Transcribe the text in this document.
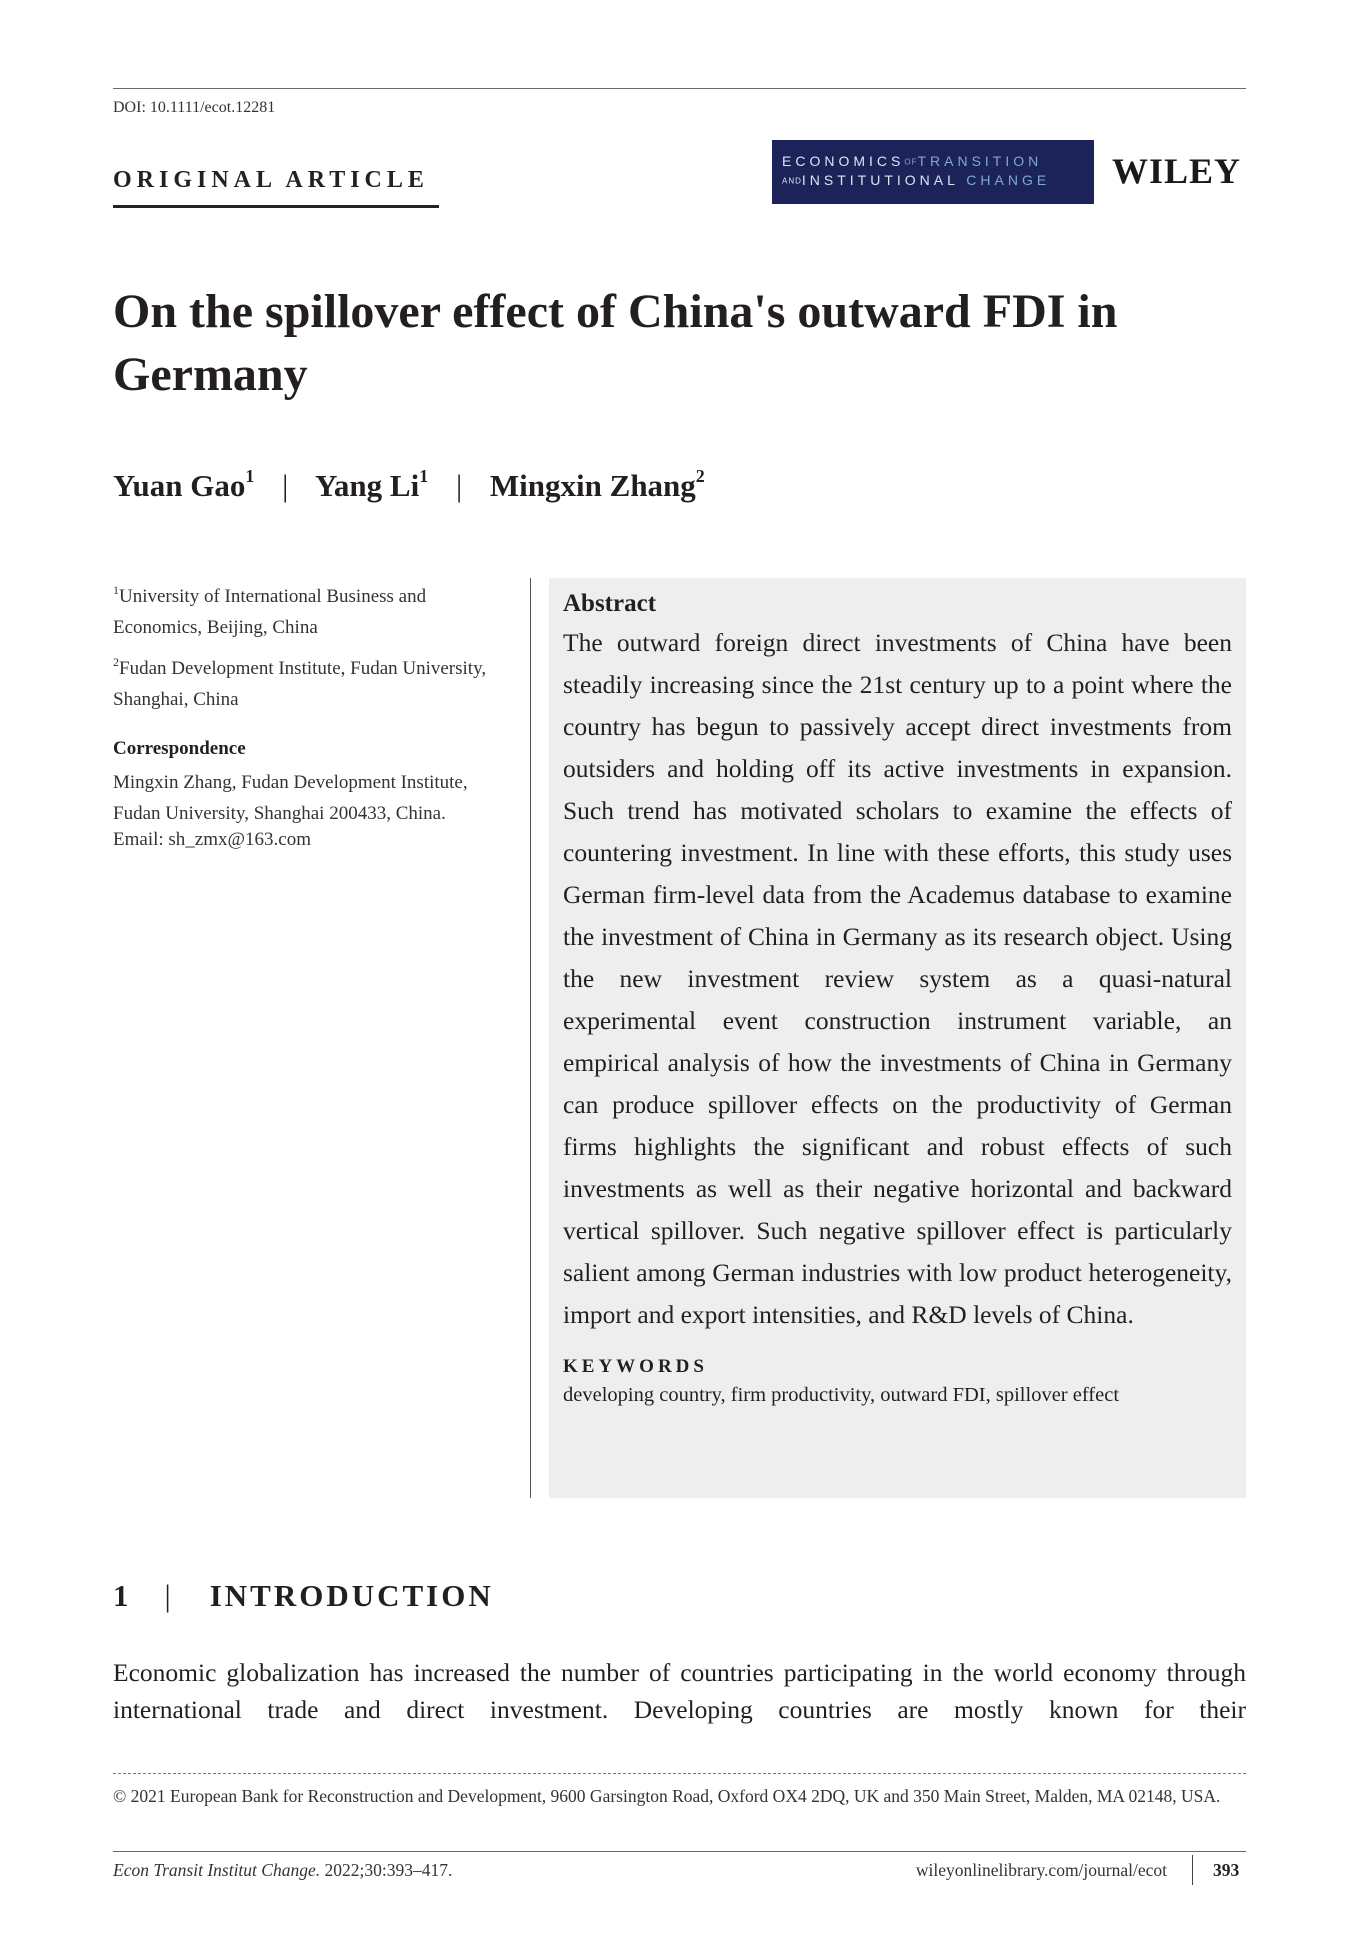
DOI: 10.1111/ecot.12281
ORIGINAL ARTICLE
ECONOMICSOFTRANSITION
ANDINSTITUTIONAL CHANGE	WILEY
On the spillover effect of China's outward FDI in Germany
Yuan Gao$^1$ | Yang Li$^1$ | Mingxin Zhang$^2$

$^1$University of International Business and Economics, Beijing, China

$^2$Fudan Development Institute, Fudan University, Shanghai, China

Correspondence
Mingxin Zhang, Fudan Development Institute, Fudan University, Shanghai 200433, China.
Email: sh_zmx@163.com
Abstract

The outward foreign direct investments of China have been steadily increasing since the 21st century up to a point where the country has begun to passively accept direct investments from outsiders and holding off its active investments in expansion. Such trend has motivated scholars to examine the effects of countering investment. In line with these efforts, this study uses German firm-level data from the Academus database to examine the investment of China in Germany as its research object. Using the new investment review system as a quasi-natural experimental event construction instrument variable, an empirical analysis of how the investments of China in Germany can produce spillover effects on the productivity of German firms highlights the significant and robust effects of such investments as well as their negative horizontal and backward vertical spillover. Such negative spillover effect is particularly salient among German industries with low product heterogeneity, import and export intensities, and R&D levels of China.

KEYWORDS
developing country, firm productivity, outward FDI, spillover effect
1 | INTRODUCTION

Economic globalization has increased the number of countries participating in the world economy through international trade and direct investment. Developing countries are mostly known for their

© 2021 European Bank for Reconstruction and Development, 9600 Garsington Road, Oxford OX4 2DQ, UK and 350 Main Street, Malden, MA 02148, USA.
Econ Transit Institut Change. 2022;30:393–417.	wileyonlinelibrary.com/journal/ecot	393
